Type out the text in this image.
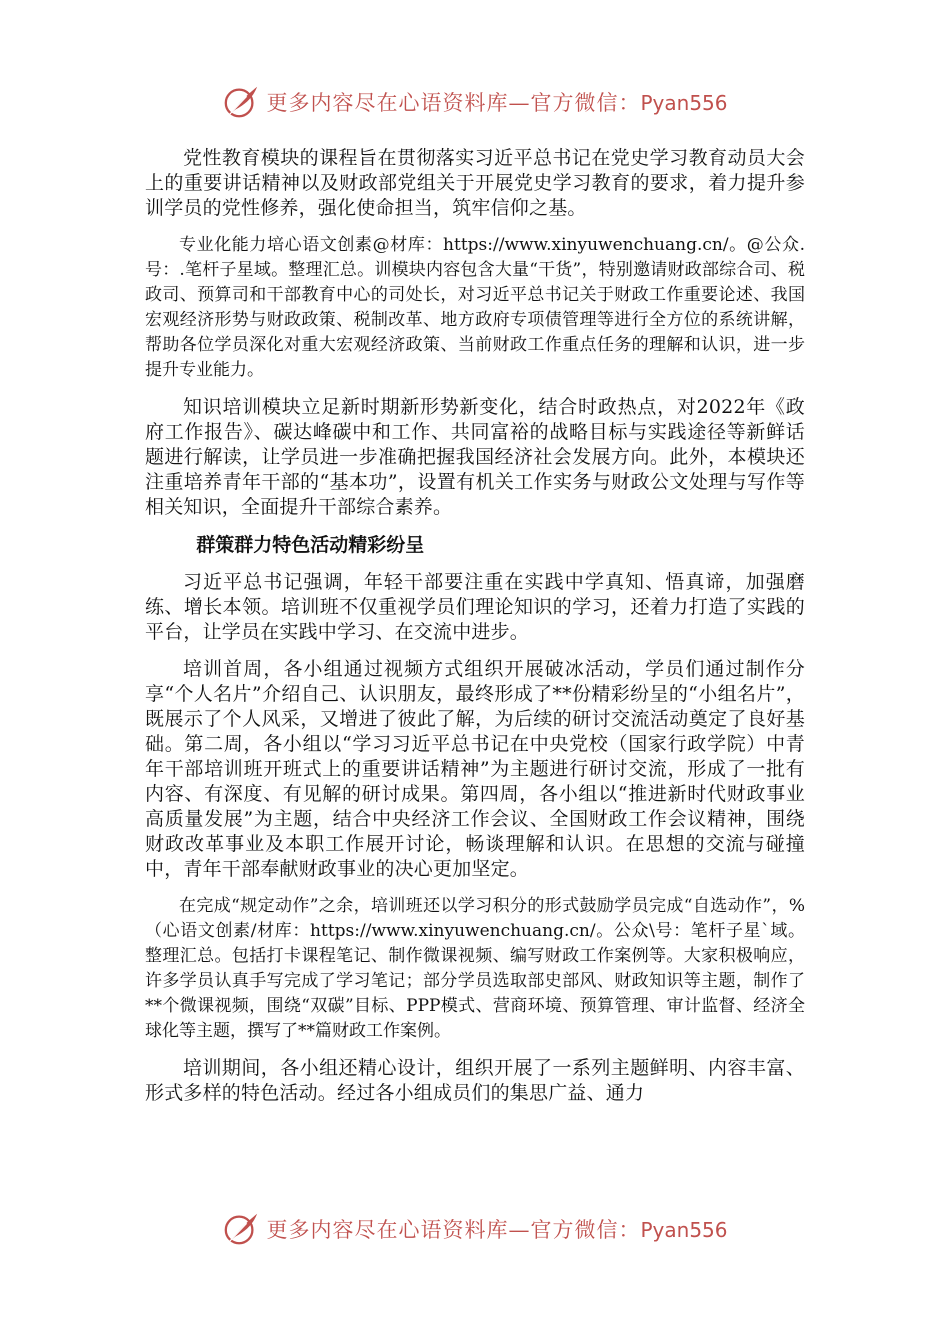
更多内容尽在心语资料库—官方微信：Pyan556

党性教育模块的课程旨在贯彻落实习近平总书记在党史学习教育动员大会上的重要讲话精神以及财政部党组关于开展党史学习教育的要求，着力提升参训学员的党性修养，强化使命担当，筑牢信仰之基。

专业化能力培心语文创素@材库：https://www.xinyuwenchuang.cn/。@公众.号：.笔杆子星域。整理汇总。训模块内容包含大量“干货”，特别邀请财政部综合司、税政司、预算司和干部教育中心的司处长，对习近平总书记关于财政工作重要论述、我国宏观经济形势与财政政策、税制改革、地方政府专项债管理等进行全方位的系统讲解，帮助各位学员深化对重大宏观经济政策、当前财政工作重点任务的理解和认识，进一步提升专业能力。

知识培训模块立足新时期新形势新变化，结合时政热点，对2022年《政府工作报告》、碳达峰碳中和工作、共同富裕的战略目标与实践途径等新鲜话题进行解读，让学员进一步准确把握我国经济社会发展方向。此外，本模块还注重培养青年干部的“基本功”，设置有机关工作实务与财政公文处理与写作等相关知识，全面提升干部综合素养。

群策群力特色活动精彩纷呈

习近平总书记强调，年轻干部要注重在实践中学真知、悟真谛，加强磨练、增长本领。培训班不仅重视学员们理论知识的学习，还着力打造了实践的平台，让学员在实践中学习、在交流中进步。

培训首周，各小组通过视频方式组织开展破冰活动，学员们通过制作分享“个人名片”介绍自己、认识朋友，最终形成了**份精彩纷呈的“小组名片”，既展示了个人风采，又增进了彼此了解，为后续的研讨交流活动奠定了良好基础。第二周，各小组以“学习习近平总书记在中央党校（国家行政学院）中青年干部培训班开班式上的重要讲话精神”为主题进行研讨交流，形成了一批有内容、有深度、有见解的研讨成果。第四周，各小组以“推进新时代财政事业高质量发展”为主题，结合中央经济工作会议、全国财政工作会议精神，围绕财政改革事业及本职工作展开讨论，畅谈理解和认识。在思想的交流与碰撞中，青年干部奉献财政事业的决心更加坚定。

在完成“规定动作”之余，培训班还以学习积分的形式鼓励学员完成“自选动作”，%（心语文创素/材库：https://www.xinyuwenchuang.cn/。公众\号：笔杆子星`域。整理汇总。包括打卡课程笔记、制作微课视频、编写财政工作案例等。大家积极响应，许多学员认真手写完成了学习笔记；部分学员选取部史部风、财政知识等主题，制作了**个微课视频，围绕“双碳”目标、PPP模式、营商环境、预算管理、审计监督、经济全球化等主题，撰写了**篇财政工作案例。

培训期间，各小组还精心设计，组织开展了一系列主题鲜明、内容丰富、形式多样的特色活动。经过各小组成员们的集思广益、通力

更多内容尽在心语资料库—官方微信：Pyan556
